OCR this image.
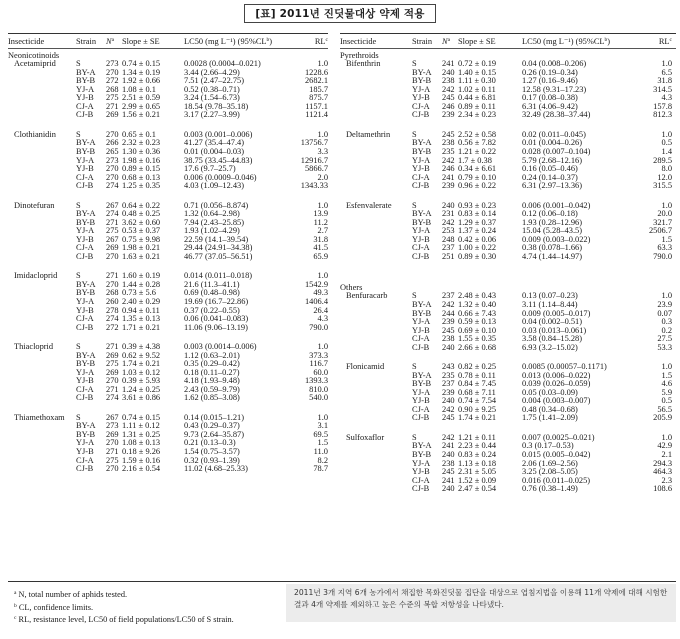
[표] 2011년 진딧물대상 약제 적용
Insecticide	Strain	$N^a$ Slope ± SE	LC50 (mg L⁻¹) $(95\%CL^b)$	$RL^c$
Neonicotinoids
Acetamiprid	S	273 0.74 ± 0.15	0.0028 (0.0004–0.021)	1.0
BY-A	270 1.34 ± 0.19	3.44 (2.66–4.29)	1228.6
BY-B	272 1.92 ± 0.66	7.51 (2.47–22.75)	2682.1
YJ-A	268 1.08 ± 0.1	0.52 (0.38–0.71)	185.7
YJ-B	275 2.51 ± 0.59	3.24 (1.54–6.73)	875.7
CJ-A	271 2.99 ± 0.65	18.54 (9.78–35.18)	1157.1
CJ-B	269 1.56 ± 0.21	3.17 (2.27–3.99)	1121.4
Clothianidin	S	270 0.65 ± 0.1	0.003 (0.001–0.006)	1.0
BY-A	266 2.32 ± 0.23	41.27 (35.4–47.4)	13756.7
BY-B	265 1.30 ± 0.36	0.01 (0.004–0.03)	3.3
YJ-A	273 1.98 ± 0.16	38.75 (33.45–44.83)	12916.7
YJ-B	270 0.89 ± 0.15	17.6 (9.7–25.7)	5866.7
CJ-A	270 0.68 ± 0.13	0.006 (0.0009–0.046)	2.0
CJ-B	274 1.25 ± 0.35	4.03 (1.09–12.43)	1343.33
Dinotefuran	S	267 0.64 ± 0.22	0.71 (0.056–8.874)	1.0
BY-A	274 0.48 ± 0.25	1.32 (0.64–2.98)	13.9
BY-B	271 3.62 ± 0.60	7.94 (2.43–25.85)	11.2
YJ-A	275 0.53 ± 0.37	1.93 (1.02–4.29)	2.7
YJ-B	267 0.75 ± 9.98	22.59 (14.1–39.54)	31.8
CJ-A	269 1.98 ± 0.21	29.44 (24.91–34.38)	41.5
CJ-B	270 1.63 ± 0.21	46.77 (37.05–56.51)	65.9
Imidacloprid	S	271 1.60 ± 0.19	0.014 (0.011–0.018)	1.0
BY-A	270 1.44 ± 0.28	21.6 (11.3–41.1)	1542.9
BY-B	268 0.73 ± 5.6	0.69 (0.48–0.98)	49.3
YJ-A	260 2.40 ± 0.29	19.69 (16.7–22.86)	1406.4
YJ-B	278 0.94 ± 0.11	0.37 (0.22–0.55)	26.4
CJ-A	274 1.35 ± 0.13	0.06 (0.041–0.083)	4.3
CJ-B	272 1.71 ± 0.21	11.06 (9.06–13.19)	790.0
Thiacloprid	S	271 0.39 ± 4.38	0.003 (0.0014–0.006)	1.0
BY-A	269 0.62 ± 9.52	1.12 (0.63–2.01)	373.3
BY-B	275 1.74 ± 0.21	0.35 (0.29–0.42)	116.7
YJ-A	269 1.03 ± 0.12	0.18 (0.11–0.27)	60.0
YJ-B	270 0.39 ± 5.93	4.18 (1.93–9.48)	1393.3
CJ-A	271 1.24 ± 0.25	2.43 (0.59–9.79)	810.0
CJ-B	274 3.61 ± 0.86	1.62 (0.85–3.08)	540.0
Thiamethoxam	S	267 0.74 ± 0.15	0.14 (0.015–1.21)	1.0
BY-A	273 1.11 ± 0.12	0.43 (0.29–0.37)	3.1
BY-B	269 1.31 ± 0.25	9.73 (2.64–35.87)	69.5
YJ-A	270 1.08 ± 0.13	0.21 (0.13–0.3)	1.5
YJ-B	271 0.18 ± 9.26	1.54 (0.75–3.57)	11.0
CJ-A	275 1.59 ± 0.16	0.32 (0.93–1.39)	8.2
CJ-B	270 2.16 ± 0.54	11.02 (4.68–25.33)	78.7
Insecticide	Strain	$N^a$ Slope ± SE	LC50 (mg L⁻¹) $(95\%CL^b)$	$RL^c$
Pyrethroids
Bifenthrin	S	241 0.72 ± 0.19	0.04 (0.008–0.206)	1.0
BY-A	240 1.40 ± 0.15	0.26 (0.19–0.34)	6.5
BY-B	238 1.11 ± 0.30	1.27 (0.16–9.46)	31.8
YJ-A	242 1.02 ± 0.11	12.58 (9.31–17.23)	314.5
YJ-B	245 0.44 ± 6.81	0.17 (0.08–0.38)	4.3
CJ-A	246 0.89 ± 0.11	6.31 (4.06–9.42)	157.8
CJ-B	239 2.34 ± 0.23	32.49 (28.38–37.44)	812.3
Deltamethrin	S	245 2.52 ± 0.58	0.02 (0.011–0.045)	1.0
BY-A	238 0.56 ± 7.82	0.01 (0.004–0.26)	0.5
BY-B	235 1.21 ± 0.22	0.028 (0.007–0.104)	1.4
YJ-A	242 1.7 ± 0.38	5.79 (2.68–12.16)	289.5
YJ-B	246 0.34 ± 6.61	0.16 (0.05–0.46)	8.0
CJ-A	241 0.79 ± 0.10	0.24 (0.14–0.37)	12.0
CJ-B	239 0.96 ± 0.22	6.31 (2.97–13.36)	315.5
Esfenvalerate	S	240 0.93 ± 0.23	0.006 (0.001–0.042)	1.0
BY-A	231 0.83 ± 0.14	0.12 (0.06–0.18)	20.0
BY-B	242 1.29 ± 0.37	1.93 (0.28–12.96)	321.7
YJ-A	253 1.37 ± 0.24	15.04 (5.28–43.5)	2506.7
YJ-B	248 0.42 ± 0.06	0.009 (0.003–0.022)	1.5
CJ-A	237 1.00 ± 0.22	0.38 (0.078–1.66)	63.3
CJ-B	251 0.89 ± 0.30	4.74 (1.44–14.97)	790.0
Others
Benfuracarb	S	237 2.48 ± 0.43	0.13 (0.07–0.23)	1.0
BY-A	242 1.32 ± 0.40	3.11 (1.14–8.44)	23.9
BY-B	244 0.66 ± 7.43	0.009 (0.005–0.017)	0.07
YJ-A	239 0.59 ± 0.13	0.04 (0.002–0.51)	0.3
YJ-B	245 0.69 ± 0.10	0.03 (0.013–0.061)	0.2
CJ-A	238 1.55 ± 0.35	3.58 (0.84–15.28)	27.5
CJ-B	240 2.66 ± 0.68	6.93 (3.2–15.02)	53.3
Flonicamid	S	243 0.82 ± 0.25	0.0085 (0.00057–0.1171)	1.0
BY-A	235 0.78 ± 0.11	0.013 (0.006–0.022)	1.5
BY-B	237 0.84 ± 7.45	0.039 (0.026–0.059)	4.6
YJ-A	239 0.68 ± 7.11	0.05 (0.03–0.09)	5.9
YJ-B	240 0.74 ± 7.54	0.004 (0.003–0.007)	0.5
CJ-A	242 0.90 ± 9.25	0.48 (0.34–0.68)	56.5
CJ-B	245 1.74 ± 0.21	1.75 (1.41–2.09)	205.9
Sulfoxaflor	S	242 1.21 ± 0.11	0.007 (0.0025–0.021)	1.0
BY-A	241 2.23 ± 0.44	0.3 (0.17–0.53)	42.9
BY-B	240 0.83 ± 0.24	0.015 (0.005–0.042)	2.1
YJ-A	238 1.13 ± 0.18	2.06 (1.69–2.56)	294.3
YJ-B	245 2.31 ± 5.05	3.25 (2.08–5.05)	464.3
CJ-A	241 1.52 ± 0.09	0.016 (0.011–0.025)	2.3
CJ-B	240 2.47 ± 0.54	0.76 (0.38–1.49)	108.6
$^a$ N, total number of aphids tested.
$^b$ CL, confidence limits.
$^c$ RL, resistance level, LC50 of field populations/LC50 of S strain.
2011년 3개 지역 6개 농가에서 채집한 목화진딧물 집단을 대상으로 엽침지법을 이용해 11개 약제에 대해 시험한 결과 4개 약제를 제외하고 높은 수준의 복합 저항성을 나타냈다.
